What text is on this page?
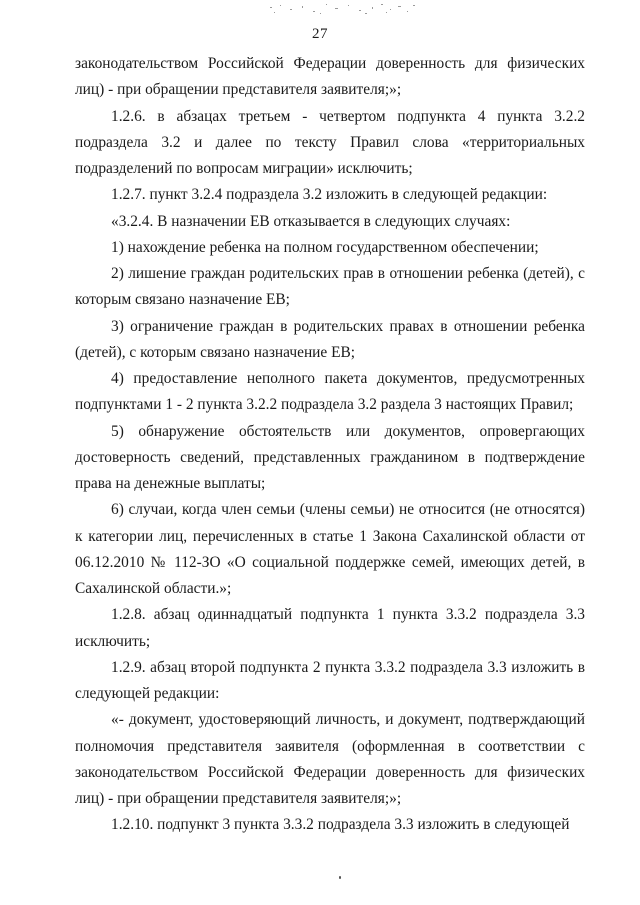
27

законодательством Российской Федерации доверенность для физических лиц) - при обращении представителя заявителя;»;

1.2.6. в абзацах третьем - четвертом подпункта 4 пункта 3.2.2 подраздела 3.2 и далее по тексту Правил слова «территориальных подразделений по вопросам миграции» исключить;

1.2.7. пункт 3.2.4 подраздела 3.2 изложить в следующей редакции:

«3.2.4. В назначении ЕВ отказывается в следующих случаях:

1) нахождение ребенка на полном государственном обеспечении;

2) лишение граждан родительских прав в отношении ребенка (детей), с которым связано назначение ЕВ;

3) ограничение граждан в родительских правах в отношении ребенка (детей), с которым связано назначение ЕВ;

4) предоставление неполного пакета документов, предусмотренных подпунктами 1 - 2 пункта 3.2.2 подраздела 3.2 раздела 3 настоящих Правил;

5) обнаружение обстоятельств или документов, опровергающих достоверность сведений, представленных гражданином в подтверждение права на денежные выплаты;

6) случаи, когда член семьи (члены семьи) не относится (не относятся) к категории лиц, перечисленных в статье 1 Закона Сахалинской области от 06.12.2010 № 112-ЗО «О социальной поддержке семей, имеющих детей, в Сахалинской области.»;

1.2.8. абзац одиннадцатый подпункта 1 пункта 3.3.2 подраздела 3.3 исключить;

1.2.9. абзац второй подпункта 2 пункта 3.3.2 подраздела 3.3 изложить в следующей редакции:

«- документ, удостоверяющий личность, и документ, подтверждающий полномочия представителя заявителя (оформленная в соответствии с законодательством Российской Федерации доверенность для физических лиц) - при обращении представителя заявителя;»;

1.2.10. подпункт 3 пункта 3.3.2 подраздела 3.3 изложить в следующей
